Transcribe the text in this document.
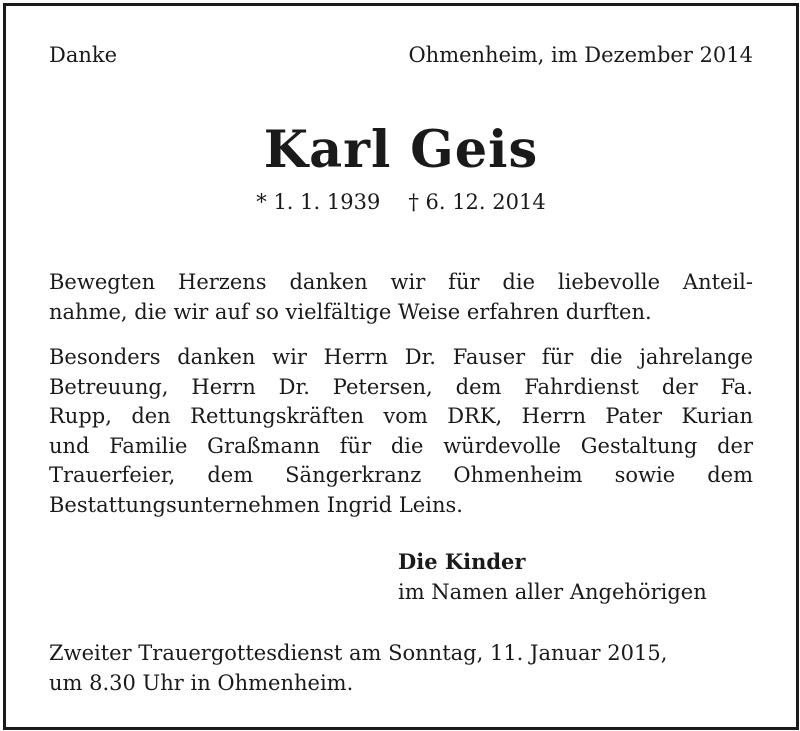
Danke	Ohmenheim, im Dezember 2014
Karl Geis
* 1. 1. 1939 † 6. 12. 2014
Bewegten Herzens danken wir für die liebevolle Anteil-
nahme, die wir auf so vielfältige Weise erfahren durften.
Besonders danken wir Herrn Dr. Fauser für die jahrelange
Betreuung, Herrn Dr. Petersen, dem Fahrdienst der Fa.
Rupp, den Rettungskräften vom DRK, Herrn Pater Kurian
und Familie Graßmann für die würdevolle Gestaltung der
Trauerfeier, dem Sängerkranz Ohmenheim sowie dem
Bestattungsunternehmen Ingrid Leins.
Die Kinder
im Namen aller Angehörigen
Zweiter Trauergottesdienst am Sonntag, 11. Januar 2015,
um 8.30 Uhr in Ohmenheim.
